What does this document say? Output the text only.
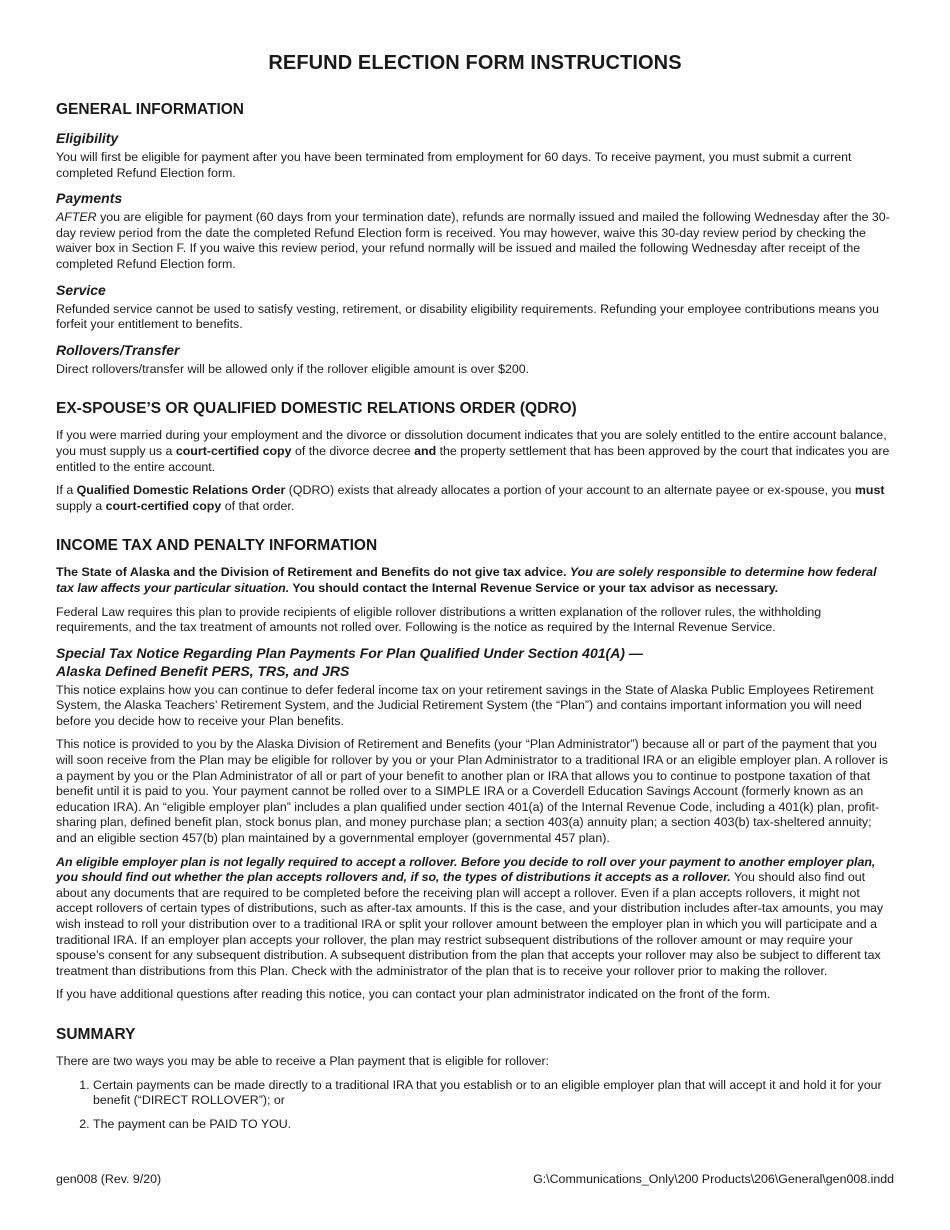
REFUND ELECTION FORM INSTRUCTIONS
GENERAL INFORMATION
Eligibility

You will first be eligible for payment after you have been terminated from employment for 60 days. To receive payment, you must submit a current completed Refund Election form.

Payments

AFTER you are eligible for payment (60 days from your termination date), refunds are normally issued and mailed the following Wednesday after the 30-day review period from the date the completed Refund Election form is received. You may however, waive this 30-day review period by checking the waiver box in Section F. If you waive this review period, your refund normally will be issued and mailed the following Wednesday after receipt of the completed Refund Election form.

Service

Refunded service cannot be used to satisfy vesting, retirement, or disability eligibility requirements. Refunding your employee contributions means you forfeit your entitlement to benefits.

Rollovers/Transfer

Direct rollovers/transfer will be allowed only if the rollover eligible amount is over $200.

EX-SPOUSE’S OR QUALIFIED DOMESTIC RELATIONS ORDER (QDRO)

If you were married during your employment and the divorce or dissolution document indicates that you are solely entitled to the entire account balance, you must supply us a court-certified copy of the divorce decree and the property settlement that has been approved by the court that indicates you are entitled to the entire account.

If a Qualified Domestic Relations Order (QDRO) exists that already allocates a portion of your account to an alternate payee or ex-spouse, you must supply a court-certified copy of that order.

INCOME TAX AND PENALTY INFORMATION

The State of Alaska and the Division of Retirement and Benefits do not give tax advice. You are solely responsible to determine how federal tax law affects your particular situation. You should contact the Internal Revenue Service or your tax advisor as necessary.

Federal Law requires this plan to provide recipients of eligible rollover distributions a written explanation of the rollover rules, the withholding requirements, and the tax treatment of amounts not rolled over. Following is the notice as required by the Internal Revenue Service.

Special Tax Notice Regarding Plan Payments For Plan Qualified Under Section 401(A) —
Alaska Defined Benefit PERS, TRS, and JRS

This notice explains how you can continue to defer federal income tax on your retirement savings in the State of Alaska Public Employees Retirement System, the Alaska Teachers’ Retirement System, and the Judicial Retirement System (the “Plan”) and contains important information you will need before you decide how to receive your Plan benefits.

This notice is provided to you by the Alaska Division of Retirement and Benefits (your “Plan Administrator”) because all or part of the payment that you will soon receive from the Plan may be eligible for rollover by you or your Plan Administrator to a traditional IRA or an eligible employer plan. A rollover is a payment by you or the Plan Administrator of all or part of your benefit to another plan or IRA that allows you to continue to postpone taxation of that benefit until it is paid to you. Your payment cannot be rolled over to a SIMPLE IRA or a Coverdell Education Savings Account (formerly known as an education IRA). An “eligible employer plan” includes a plan qualified under section 401(a) of the Internal Revenue Code, including a 401(k) plan, profit-sharing plan, defined benefit plan, stock bonus plan, and money purchase plan; a section 403(a) annuity plan; a section 403(b) tax-sheltered annuity; and an eligible section 457(b) plan maintained by a governmental employer (governmental 457 plan).

An eligible employer plan is not legally required to accept a rollover. Before you decide to roll over your payment to another employer plan, you should find out whether the plan accepts rollovers and, if so, the types of distributions it accepts as a rollover. You should also find out about any documents that are required to be completed before the receiving plan will accept a rollover. Even if a plan accepts rollovers, it might not accept rollovers of certain types of distributions, such as after-tax amounts. If this is the case, and your distribution includes after-tax amounts, you may wish instead to roll your distribution over to a traditional IRA or split your rollover amount between the employer plan in which you will participate and a traditional IRA. If an employer plan accepts your rollover, the plan may restrict subsequent distributions of the rollover amount or may require your spouse’s consent for any subsequent distribution. A subsequent distribution from the plan that accepts your rollover may also be subject to different tax treatment than distributions from this Plan. Check with the administrator of the plan that is to receive your rollover prior to making the rollover.

If you have additional questions after reading this notice, you can contact your plan administrator indicated on the front of the form.

SUMMARY

There are two ways you may be able to receive a Plan payment that is eligible for rollover:

1. Certain payments can be made directly to a traditional IRA that you establish or to an eligible employer plan that will accept it and hold it for your benefit (“DIRECT ROLLOVER”); or
2. The payment can be PAID TO YOU.
gen008 (Rev. 9/20)	G:\Communications_Only\200 Products\206\General\gen008.indd
